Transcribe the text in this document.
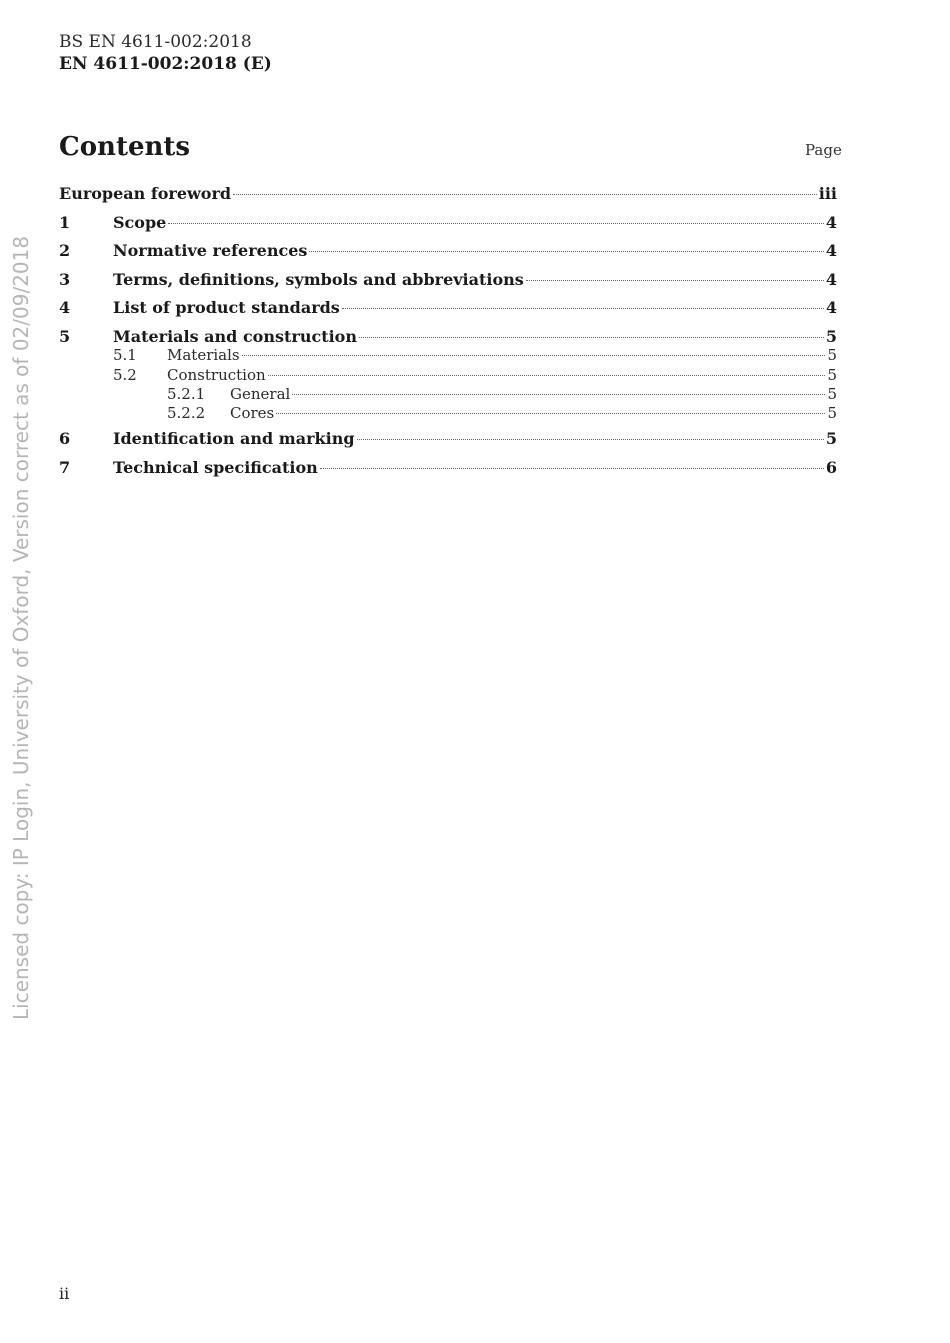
BS EN 4611-002:2018
EN 4611-002:2018 (E)
Contents	Page
European foreword	iii
1	Scope	4
2	Normative references	4
3	Terms, definitions, symbols and abbreviations	4
4	List of product standards	4
5	Materials and construction	5
5.1	Materials	5
5.2	Construction	5
5.2.1	General	5
5.2.2	Cores	5
6	Identification and marking	5
7	Technical specification	6
Licensed copy: IP Login, University of Oxford, Version correct as of 02/09/2018
ii
